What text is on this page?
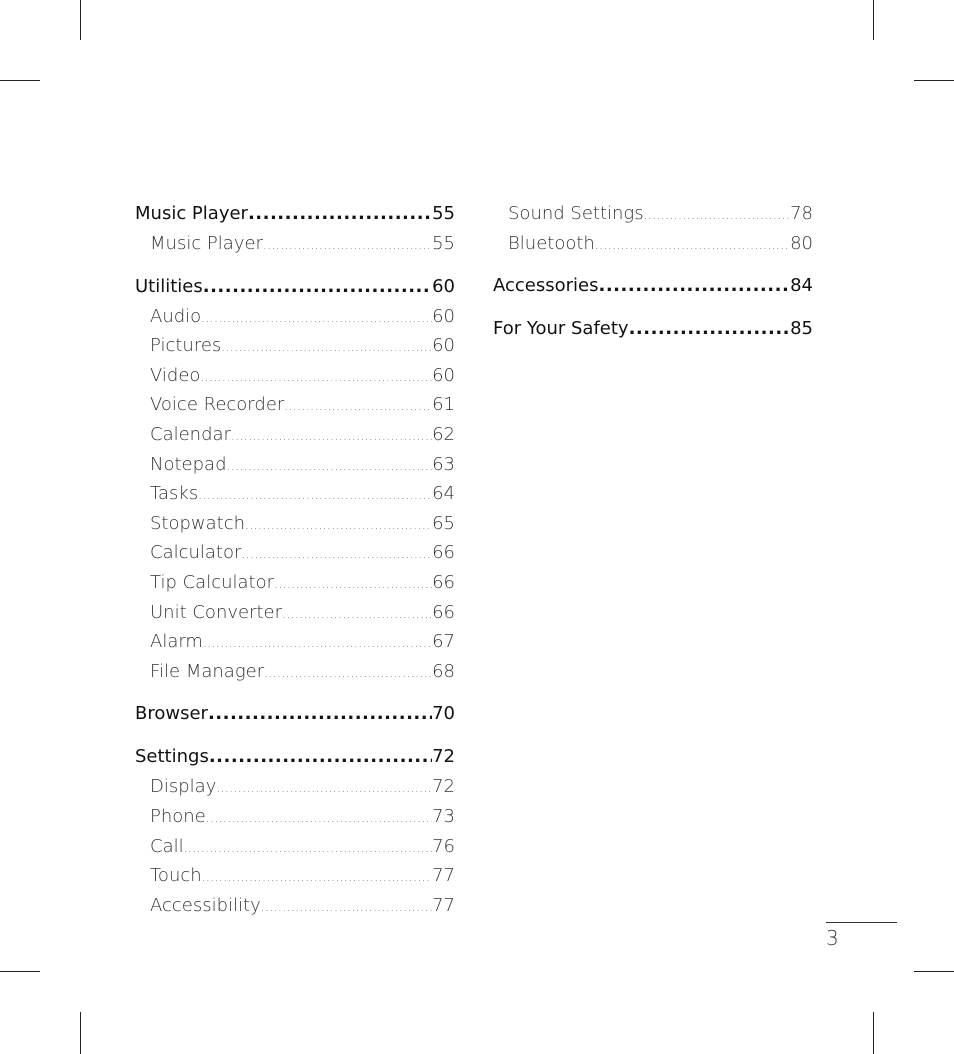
Music Player .....	55
Music Player .....	55
Utilities .....	60
Audio .....	60
Pictures .....	60
Video .....	60
Voice Recorder .....	61
Calendar .....	62
Notepad .....	63
Tasks .....	64
Stopwatch .....	65
Calculator .....	66
Tip Calculator .....	66
Unit Converter .....	66
Alarm .....	67
File Manager .....	68
Browser .....	70
Settings .....	72
Display .....	72
Phone .....	73
Call .....	76
Touch .....	77
Accessibility .....	77
Sound Settings .....	78
Bluetooth .....	80
Accessories .....	84
For Your Safety .....	85
3
